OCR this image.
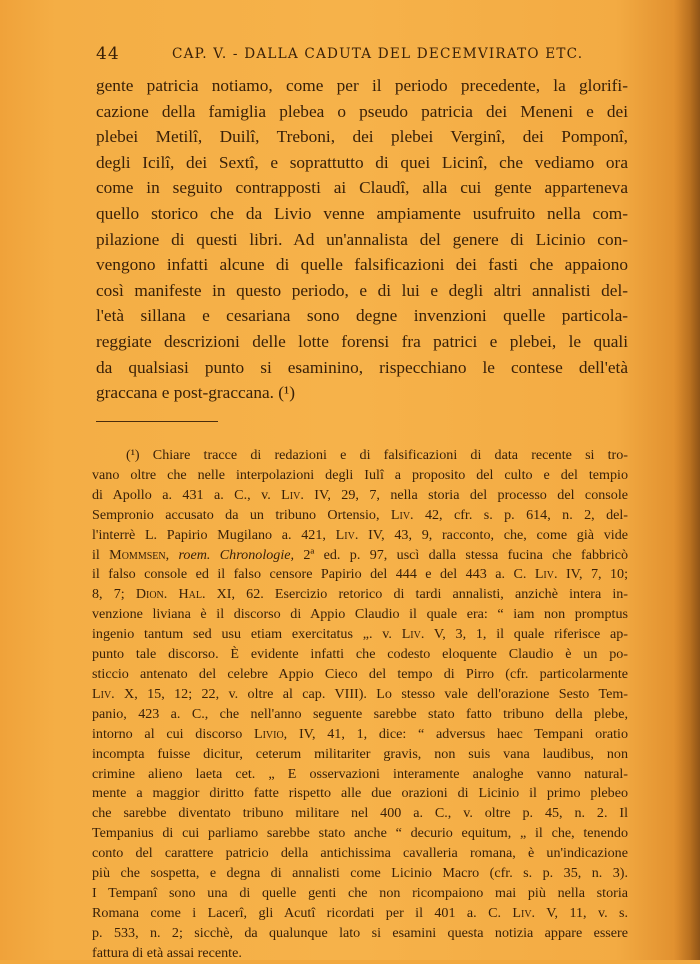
44	CAP. V. - DALLA CADUTA DEL DECEMVIRATO ETC.
gente patricia notiamo, come per il periodo precedente, la glorifi-
cazione della famiglia plebea o pseudo patricia dei Meneni e dei
plebei Metilî, Duilî, Treboni, dei plebei Verginî, dei Pomponî,
degli Icilî, dei Sextî, e soprattutto di quei Licinî, che vediamo ora
come in seguito contrapposti ai Claudî, alla cui gente apparteneva
quello storico che da Livio venne ampiamente usufruito nella com-
pilazione di questi libri. Ad un'annalista del genere di Licinio con-
vengono infatti alcune di quelle falsificazioni dei fasti che appaiono
così manifeste in questo periodo, e di lui e degli altri annalisti del-
l'età sillana e cesariana sono degne invenzioni quelle particola-
reggiate descrizioni delle lotte forensi fra patrici e plebei, le quali
da qualsiasi punto si esaminino, rispecchiano le contese dell'età
graccana e post-graccana. (¹)
(¹) Chiare tracce di redazioni e di falsificazioni di data recente si tro-
vano oltre che nelle interpolazioni degli Iulî a proposito del culto e del tempio
di Apollo a. 431 a. C., v. Liv. IV, 29, 7, nella storia del processo del console
Sempronio accusato da un tribuno Ortensio, Liv. 42, cfr. s. p. 614, n. 2, del-
l'interrè L. Papirio Mugilano a. 421, Liv. IV, 43, 9, racconto, che, come già vide
il Mommsen, roem. Chronologie, 2ª ed. p. 97, uscì dalla stessa fucina che fabbricò
il falso console ed il falso censore Papirio del 444 e del 443 a. C. Liv. IV, 7, 10;
8, 7; Dion. Hal. XI, 62. Esercizio retorico di tardi annalisti, anzichè intera in-
venzione liviana è il discorso di Appio Claudio il quale era: “ iam non promptus
ingenio tantum sed usu etiam exercitatus „. v. Liv. V, 3, 1, il quale riferisce ap-
punto tale discorso. È evidente infatti che codesto eloquente Claudio è un po-
sticcio antenato del celebre Appio Cieco del tempo di Pirro (cfr. particolarmente
Liv. X, 15, 12; 22, v. oltre al cap. VIII). Lo stesso vale dell'orazione Sesto Tem-
panio, 423 a. C., che nell'anno seguente sarebbe stato fatto tribuno della plebe,
intorno al cui discorso Livio, IV, 41, 1, dice: “ adversus haec Tempani oratio
incompta fuisse dicitur, ceterum militariter gravis, non suis vana laudibus, non
crimine alieno laeta cet. „ E osservazioni interamente analoghe vanno natural-
mente a maggior diritto fatte rispetto alle due orazioni di Licinio il primo plebeo
che sarebbe diventato tribuno militare nel 400 a. C., v. oltre p. 45, n. 2. Il
Tempanius di cui parliamo sarebbe stato anche “ decurio equitum, „ il che, tenendo
conto del carattere patricio della antichissima cavalleria romana, è un'indicazione
più che sospetta, e degna di annalisti come Licinio Macro (cfr. s. p. 35, n. 3).
I Tempanî sono una di quelle genti che non ricompaiono mai più nella storia
Romana come i Lacerî, gli Acutî ricordati per il 401 a. C. Liv. V, 11, v. s.
p. 533, n. 2; sicchè, da qualunque lato si esamini questa notizia appare essere
fattura di età assai recente.
